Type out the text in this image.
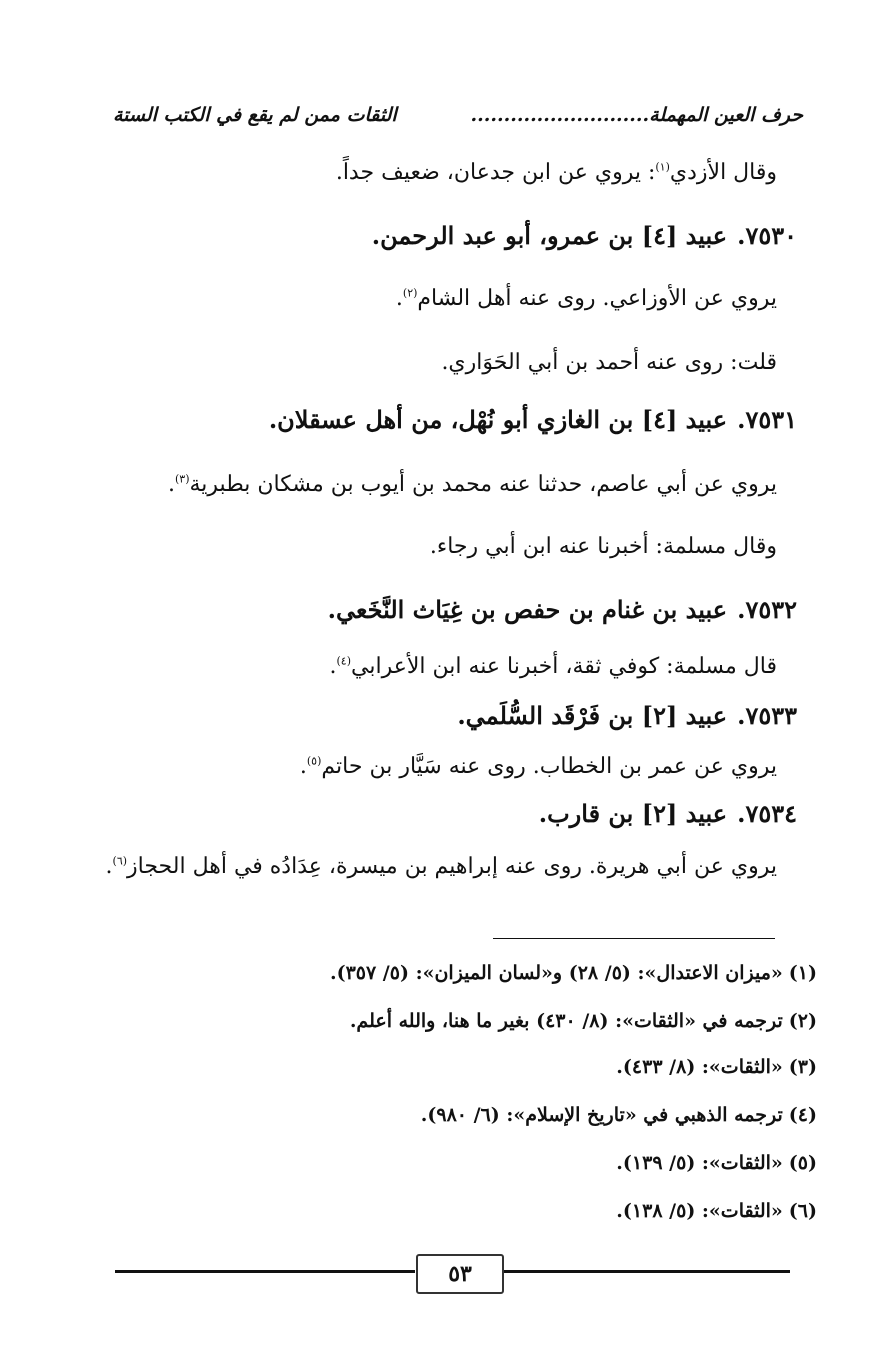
حرف العين المهملة...........................
الثقات ممن لم يقع في الكتب الستة
وقال الأزدي$^{(١)}$: يروي عن ابن جدعان، ضعيف جداً.
٧٥٣٠.عبيد [٤] بن عمرو، أبو عبد الرحمن.
يروي عن الأوزاعي. روى عنه أهل الشام$^{(٢)}$.
قلت: روى عنه أحمد بن أبي الحَوَاري.
٧٥٣١.عبيد [٤] بن الغازي أبو نُهْل، من أهل عسقلان.
يروي عن أبي عاصم، حدثنا عنه محمد بن أيوب بن مشكان بطبرية$^{(٣)}$.
وقال مسلمة: أخبرنا عنه ابن أبي رجاء.
٧٥٣٢.عبيد بن غنام بن حفص بن غِيَاث النَّخَعي.
قال مسلمة: كوفي ثقة، أخبرنا عنه ابن الأعرابي$^{(٤)}$.
٧٥٣٣.عبيد [٢] بن فَرْقَد السُّلَمي.
يروي عن عمر بن الخطاب. روى عنه سَيَّار بن حاتم$^{(٥)}$.
٧٥٣٤.عبيد [٢] بن قارب.
يروي عن أبي هريرة. روى عنه إبراهيم بن ميسرة، عِدَادُه في أهل الحجاز$^{(٦)}$.
(١)«ميزان الاعتدال»: (٥/ ٢٨) و«لسان الميزان»: (٥/ ٣٥٧).
(٢)ترجمه في «الثقات»: (٨/ ٤٣٠) بغير ما هنا، والله أعلم.
(٣)«الثقات»: (٨/ ٤٣٣).
(٤)ترجمه الذهبي في «تاريخ الإسلام»: (٦/ ٩٨٠).
(٥)«الثقات»: (٥/ ١٣٩).
(٦)«الثقات»: (٥/ ١٣٨).
٥٣
